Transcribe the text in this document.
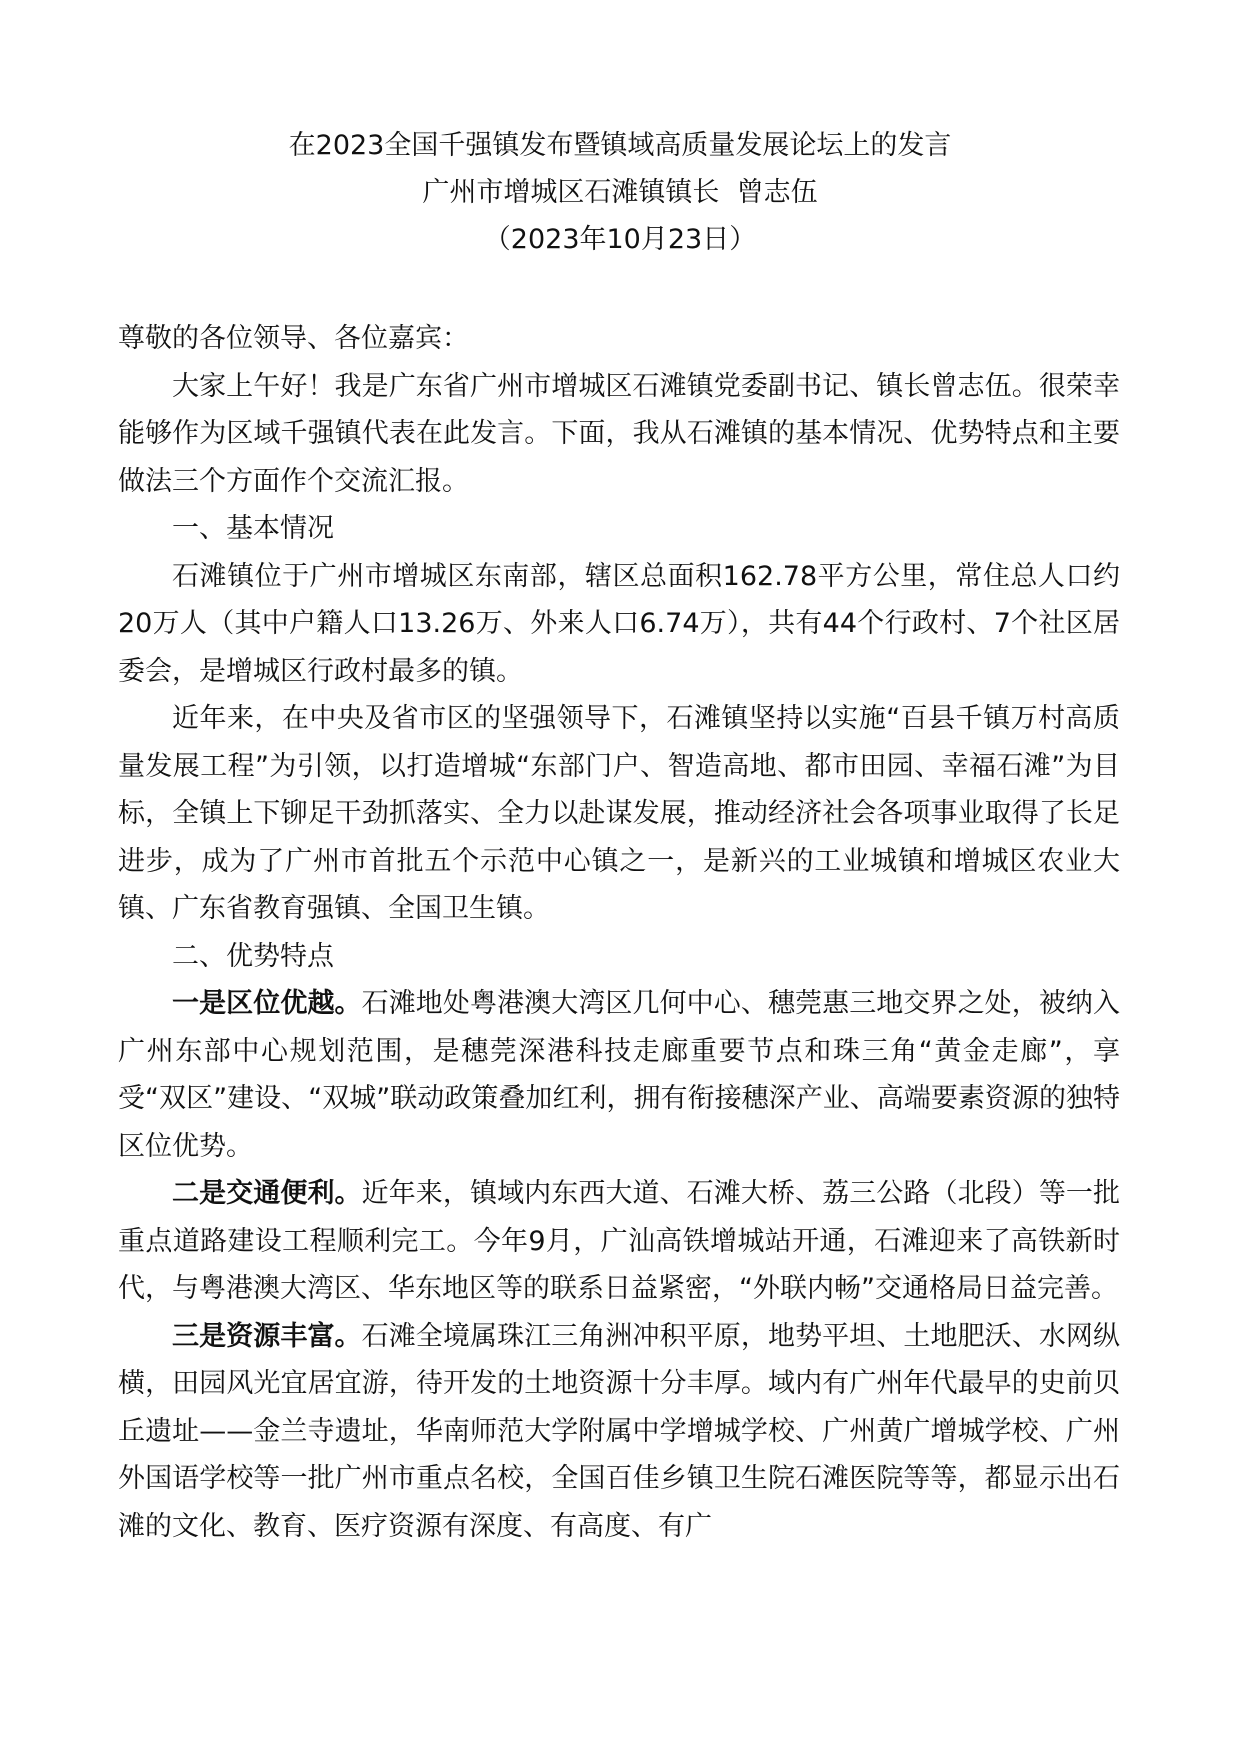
在2023全国千强镇发布暨镇域高质量发展论坛上的发言
广州市增城区石滩镇镇长  曾志伍
（2023年10月23日）

尊敬的各位领导、各位嘉宾：

大家上午好！我是广东省广州市增城区石滩镇党委副书记、镇长曾志伍。很荣幸能够作为区域千强镇代表在此发言。下面，我从石滩镇的基本情况、优势特点和主要做法三个方面作个交流汇报。

一、基本情况

石滩镇位于广州市增城区东南部，辖区总面积162.78平方公里，常住总人口约20万人（其中户籍人口13.26万、外来人口6.74万），共有44个行政村、7个社区居委会，是增城区行政村最多的镇。

近年来，在中央及省市区的坚强领导下，石滩镇坚持以实施“百县千镇万村高质量发展工程”为引领，以打造增城“东部门户、智造高地、都市田园、幸福石滩”为目标，全镇上下铆足干劲抓落实、全力以赴谋发展，推动经济社会各项事业取得了长足进步，成为了广州市首批五个示范中心镇之一，是新兴的工业城镇和增城区农业大镇、广东省教育强镇、全国卫生镇。

二、优势特点

一是区位优越。石滩地处粤港澳大湾区几何中心、穗莞惠三地交界之处，被纳入广州东部中心规划范围，是穗莞深港科技走廊重要节点和珠三角“黄金走廊”，享受“双区”建设、“双城”联动政策叠加红利，拥有衔接穗深产业、高端要素资源的独特区位优势。

二是交通便利。近年来，镇域内东西大道、石滩大桥、荔三公路（北段）等一批重点道路建设工程顺利完工。今年9月，广汕高铁增城站开通，石滩迎来了高铁新时代，与粤港澳大湾区、华东地区等的联系日益紧密，“外联内畅”交通格局日益完善。

三是资源丰富。石滩全境属珠江三角洲冲积平原，地势平坦、土地肥沃、水网纵横，田园风光宜居宜游，待开发的土地资源十分丰厚。域内有广州年代最早的史前贝丘遗址——金兰寺遗址，华南师范大学附属中学增城学校、广州黄广增城学校、广州外国语学校等一批广州市重点名校，全国百佳乡镇卫生院石滩医院等等，都显示出石滩的文化、教育、医疗资源有深度、有高度、有广
